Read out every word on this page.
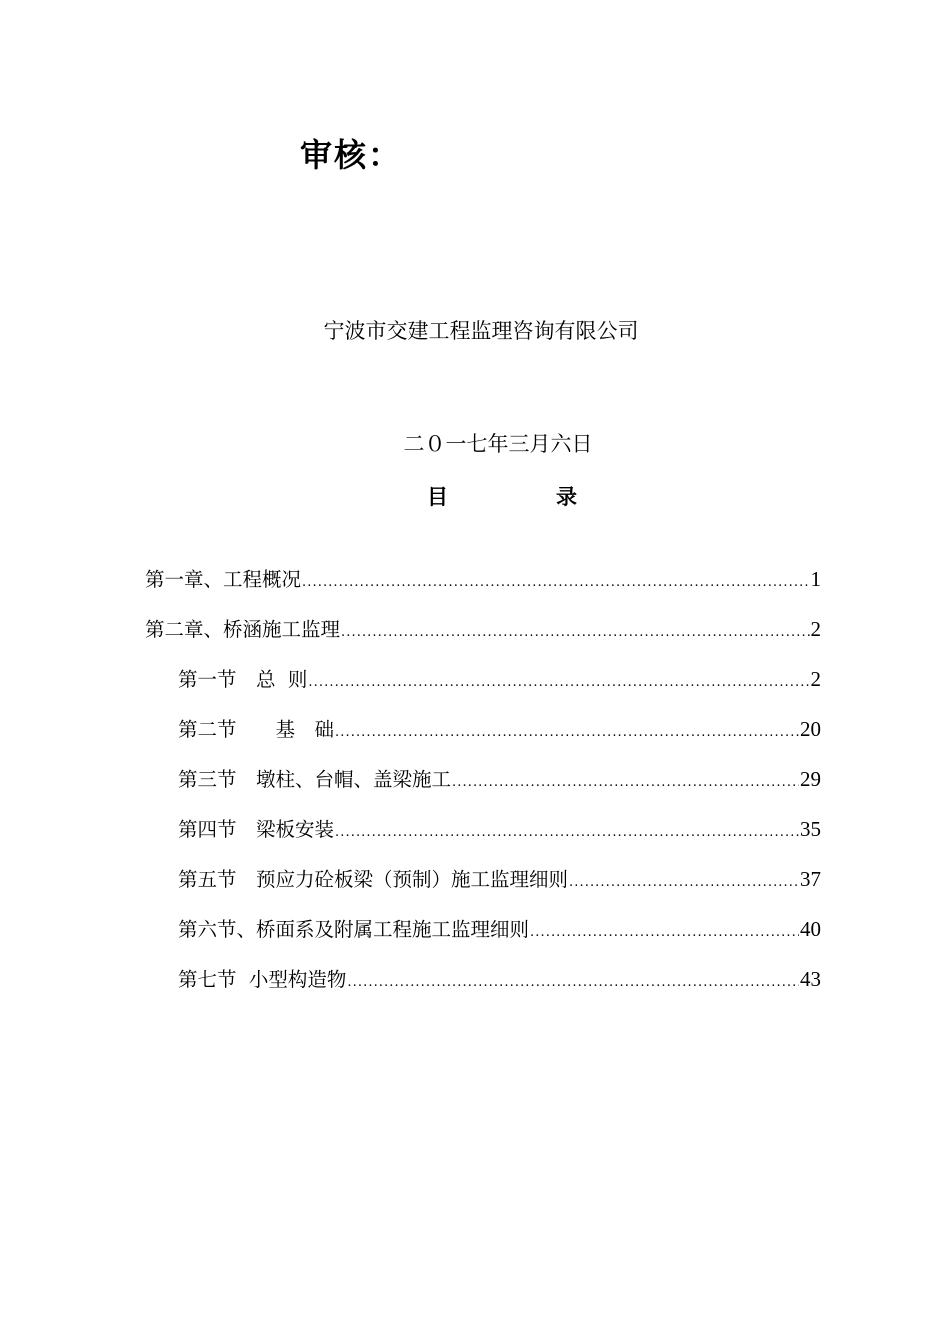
审核：
宁波市交建工程监理咨询有限公司
二０一七年三月六日
目	录
第一章、工程概况 .....	1
第二章、桥涵施工监理 .....	2
第一节　总  则 .....	2
第二节　　基　础 .....	20
第三节　墩柱、台帽、盖梁施工 .....	29
第四节　梁板安装 .....	35
第五节　预应力砼板梁（预制）施工监理细则 .....	37
第六节、桥面系及附属工程施工监理细则 .....	40
第七节  小型构造物 .....	43
